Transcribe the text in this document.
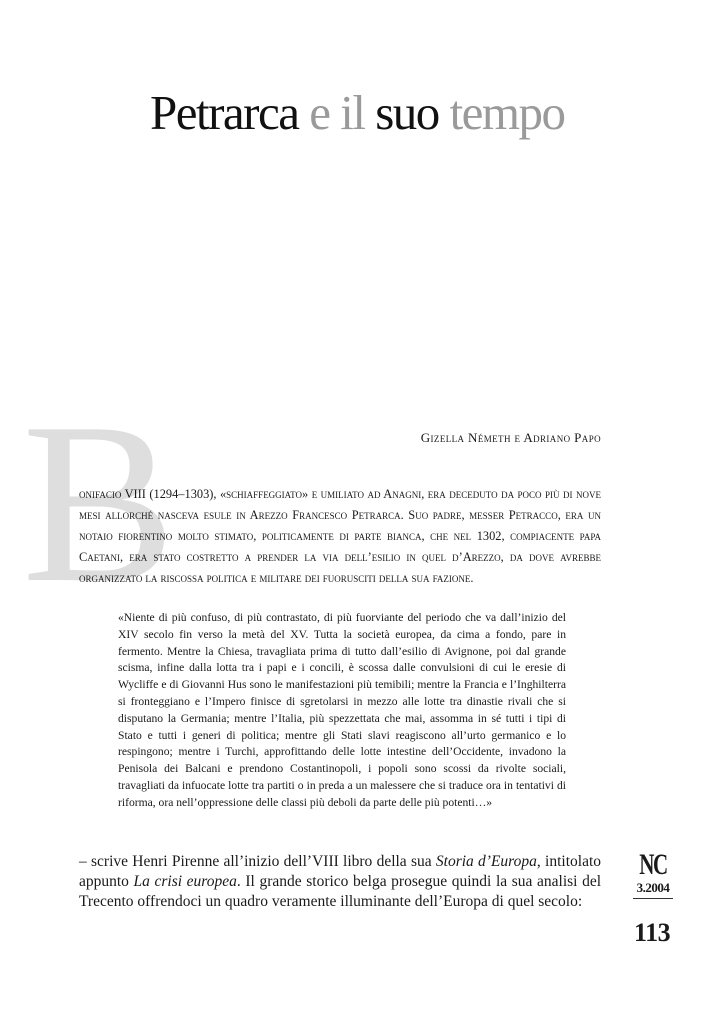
Petrarca e il suo tempo
B	Gizella Németh e Adriano Papo
onifacio VIII (1294–1303), «schiaffeggiato» e umiliato ad Anagni, era deceduto da poco più di nove mesi allorché nasceva esule in Arezzo Francesco Petrarca. Suo padre, messer Petracco, era un notaio fiorentino molto stimato, politicamente di parte bianca, che nel 1302, compiacente papa Caetani, era stato costretto a prender la via dell’esilio in quel d’Arezzo, da dove avrebbe organizzato la riscossa politica e militare dei fuorusciti della sua fazione.
«Niente di più confuso, di più contrastato, di più fuorviante del periodo che va dall’inizio del XIV secolo fin verso la metà del XV. Tutta la società europea, da cima a fondo, pare in fermento. Mentre la Chiesa, travagliata prima di tutto dall’esilio di Avignone, poi dal grande scisma, infine dalla lotta tra i papi e i concili, è scossa dalle convulsioni di cui le eresie di Wycliffe e di Giovanni Hus sono le manifestazioni più temibili; mentre la Francia e l’Inghilterra si fronteggiano e l’Impero finisce di sgretolarsi in mezzo alle lotte tra dinastie rivali che si disputano la Germania; mentre l’Italia, più spezzettata che mai, assomma in sé tutti i tipi di Stato e tutti i generi di politica; mentre gli Stati slavi reagiscono all’urto germanico e lo respingono; mentre i Turchi, approfittando delle lotte intestine dell’Occidente, invadono la Penisola dei Balcani e prendono Costantinopoli, i popoli sono scossi da rivolte sociali, travagliati da infuocate lotte tra partiti o in preda a un malessere che si traduce ora in tentativi di riforma, ora nell’oppressione delle classi più deboli da parte delle più potenti…»
– scrive Henri Pirenne all’inizio dell’VIII libro della sua Storia d’Europa, intitolato appunto La crisi europea. Il grande storico belga prosegue quindi la sua analisi del Trecento offrendoci un quadro veramente illuminante dell’Europa di quel secolo:
NC
3.2004
113
